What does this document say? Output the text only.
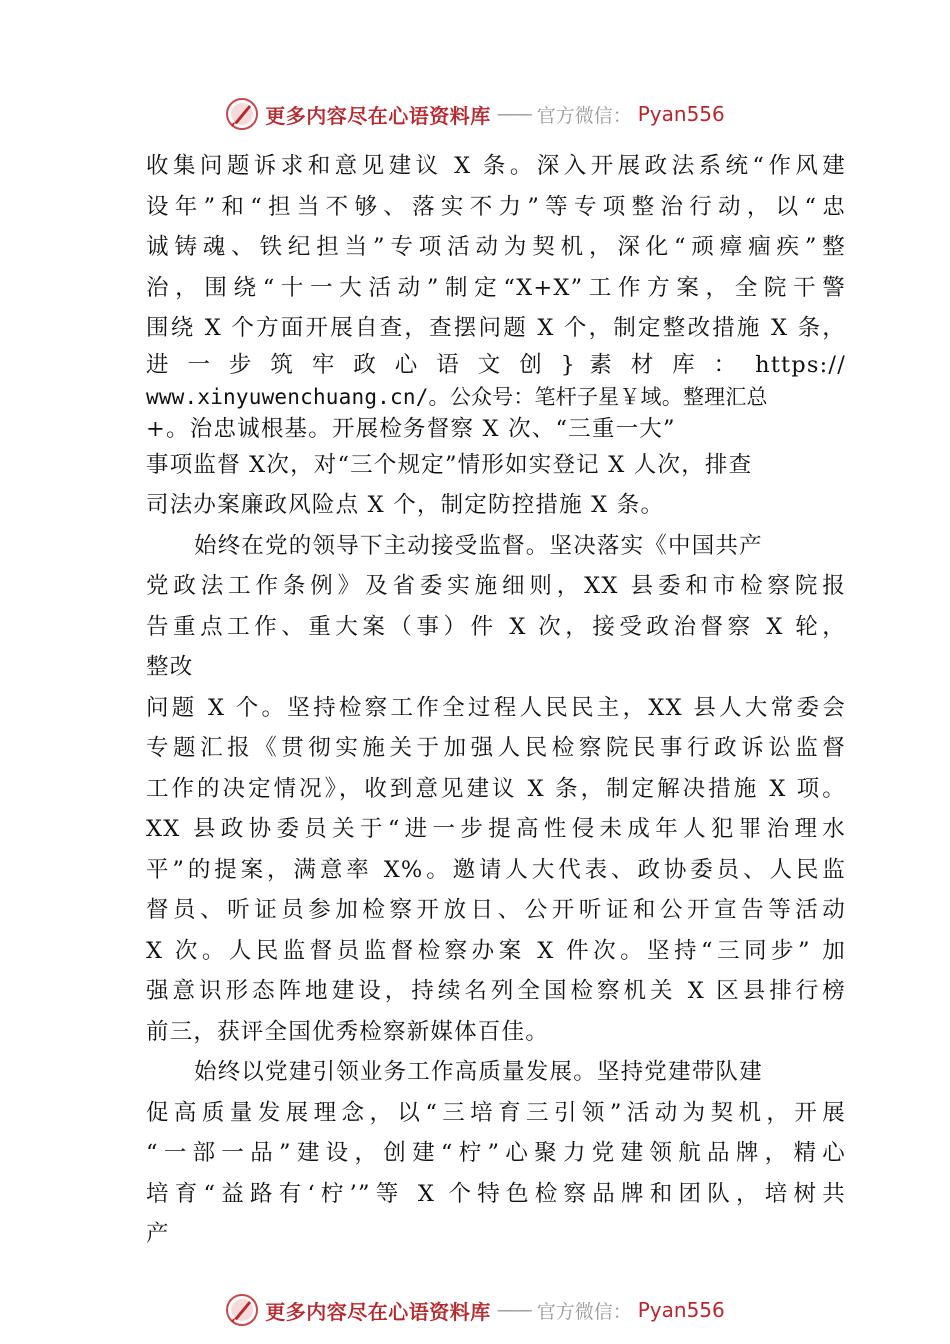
更多内容尽在心语资料库 —— 官方微信： Pyan556
收集问题诉求和意见建议 X 条。深入开展政法系统“作风建
设年”和“担当不够、落实不力”等专项整治行动，以“忠
诚铸魂、铁纪担当”专项活动为契机，深化“顽瘴痼疾”整
治，围绕“十一大活动”制定“X+X”工作方案，全院干警
围绕 X 个方面开展自查，查摆问题 X 个，制定整改措施 X 条，
进 一 步 筑 牢 政 心 语 文 创 } 素 材 库 ： https://
www.xinyuwenchuang.cn/。公众号：笔杆子星￥域。整理汇总
+。治忠诚根基。开展检务督察 X 次、“三重一大”
事项监督 X次，对“三个规定”情形如实登记 X 人次，排查
司法办案廉政风险点 X 个，制定防控措施 X 条。
始终在党的领导下主动接受监督。坚决落实《中国共产
党政法工作条例》及省委实施细则，XX 县委和市检察院报
告重点工作、重大案（事）件 X 次，接受政治督察 X 轮，
整改
问题 X 个。坚持检察工作全过程人民民主，XX 县人大常委会
专题汇报《贯彻实施关于加强人民检察院民事行政诉讼监督
工作的决定情况》，收到意见建议 X 条，制定解决措施 X 项。
XX 县政协委员关于“进一步提高性侵未成年人犯罪治理水
平”的提案，满意率 X%。邀请人大代表、政协委员、人民监
督员、听证员参加检察开放日、公开听证和公开宣告等活动
X 次。人民监督员监督检察办案 X 件次。坚持“三同步” 加
强意识形态阵地建设，持续名列全国检察机关 X 区县排行榜
前三，获评全国优秀检察新媒体百佳。
始终以党建引领业务工作高质量发展。坚持党建带队建
促高质量发展理念，以“三培育三引领”活动为契机，开展
“一部一品”建设，创建“柠”心聚力党建领航品牌，精心
培育“益路有‘柠’”等 X 个特色检察品牌和团队，培树共
产
更多内容尽在心语资料库 —— 官方微信： Pyan556
